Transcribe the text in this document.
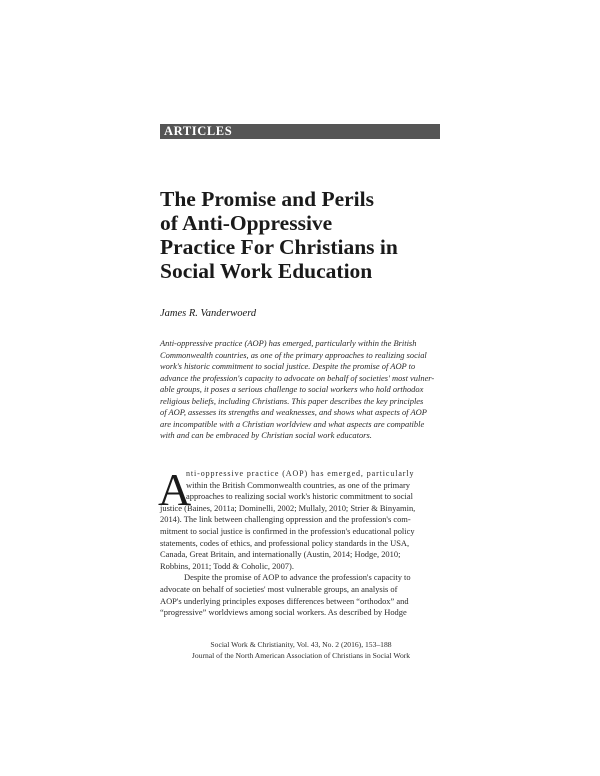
ARTICLES
The Promise and Perils
of Anti-Oppressive
Practice For Christians in
Social Work Education
James R. Vanderwoerd
Anti-oppressive practice (AOP) has emerged, particularly within the British
Commonwealth countries, as one of the primary approaches to realizing social
work's historic commitment to social justice. Despite the promise of AOP to
advance the profession's capacity to advocate on behalf of societies' most vulner-
able groups, it poses a serious challenge to social workers who hold orthodox
religious beliefs, including Christians. This paper describes the key principles
of AOP, assesses its strengths and weaknesses, and shows what aspects of AOP
are incompatible with a Christian worldview and what aspects are compatible
with and can be embraced by Christian social work educators.
A
nti-oppressive practice (AOP) has emerged, particularly
within the British Commonwealth countries, as one of the primary
approaches to realizing social work's historic commitment to social
justice (Baines, 2011a; Dominelli, 2002; Mullaly, 2010; Strier & Binyamin,
2014). The link between challenging oppression and the profession's com-
mitment to social justice is confirmed in the profession's educational policy
statements, codes of ethics, and professional policy standards in the USA,
Canada, Great Britain, and internationally (Austin, 2014; Hodge, 2010;
Robbins, 2011; Todd & Coholic, 2007).
Despite the promise of AOP to advance the profession's capacity to
advocate on behalf of societies' most vulnerable groups, an analysis of
AOP's underlying principles exposes differences between “orthodox” and
“progressive” worldviews among social workers. As described by Hodge
Social Work & Christianity, Vol. 43, No. 2 (2016), 153–188
Journal of the North American Association of Christians in Social Work
